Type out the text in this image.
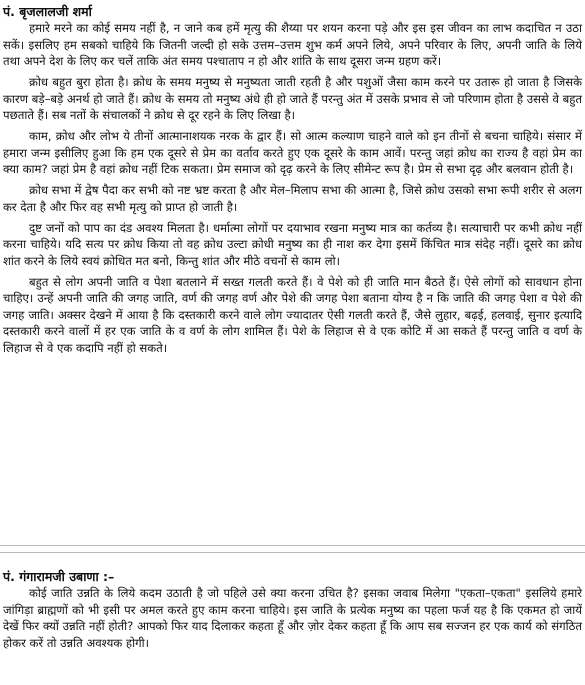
पं. बृजलालजी शर्मा

हमारे मरने का कोई समय नहीं है, न जाने कब हमें मृत्यु की शैय्या पर शयन करना पड़े और इस इस जीवन का लाभ कदाचित न उठा सकें। इसलिए हम सबको चाहिये कि जितनी जल्दी हो सके उत्तम–उत्तम शुभ कर्म अपने लिये, अपने परिवार के लिए, अपनी जाति के लिये तथा अपने देश के लिए कर चलें ताकि अंत समय पश्चाताप न हो और शांति के साथ दूसरा जन्म ग्रहण करें।

क्रोध बहुत बुरा होता है। क्रोध के समय मनुष्य से मनुष्यता जाती रहती है और पशुओं जैसा काम करने पर उतारू हो जाता है जिसके कारण बड़े–बड़े अनर्थ हो जाते हैं। क्रोध के समय तो मनुष्य अंधे ही हो जाते हैं परन्तु अंत में उसके प्रभाव से जो परिणाम होता है उससे वे बहुत पछताते हैं। सब नतों के संचालकों ने क्रोध से दूर रहने के लिए लिखा है।

काम, क्रोध और लोभ ये तीनों आत्मानाशयक नरक के द्वार हैं। सो आत्म कल्याण चाहने वाले को इन तीनों से बचना चाहिये। संसार में हमारा जन्म इसीलिए हुआ कि हम एक दूसरे से प्रेम का वर्ताव करते हुए एक दूसरे के काम आवें। परन्तु जहां क्रोध का राज्य है वहां प्रेम का क्या काम? जहां प्रेम है वहां क्रोध नहीं टिक सकता। प्रेम समाज को दृढ़ करने के लिए सीमेन्ट रूप है। प्रेम से सभा दृढ़ और बलवान होती है।

क्रोध सभा में द्वेष पैदा कर सभी को नष्ट भ्रष्ट करता है और मेल–मिलाप सभा की आत्मा है, जिसे क्रोध उसको सभा रूपी शरीर से अलग कर देता है और फिर वह सभी मृत्यु को प्राप्त हो जाती है।

दुष्ट जनों को पाप का दंड अवश्य मिलता है। धर्मात्मा लोगों पर दयाभाव रखना मनुष्य मात्र का कर्तव्य है। सत्याचारी पर कभी क्रोध नहीं करना चाहिये। यदि सत्य पर क्रोध किया तो वह क्रोध उल्टा क्रोधी मनुष्य का ही नाश कर देगा इसमें किंचित मात्र संदेह नहीं। दूसरे का क्रोध शांत करने के लिये स्वयं क्रोधित मत बनो, किन्तु शांत और मीठे वचनों से काम लो।

बहुत से लोग अपनी जाति व पेशा बतलाने में सख्त गलती करते हैं। वे पेशे को ही जाति मान बैठते हैं। ऐसे लोगों को सावधान होना चाहिए। उन्हें अपनी जाति की जगह जाति, वर्ण की जगह वर्ण और पेशे की जगह पेशा बताना योग्य है न कि जाति की जगह पेशा व पेशे की जगह जाति। अक्सर देखने में आया है कि दस्तकारी करने वाले लोग ज्यादातर ऐसी गलती करते हैं, जैसे लुहार, बढ़ई, हलवाई, सुनार इत्यादि दस्तकारी करने वालों में हर एक जाति के व वर्ण के लोग शामिल हैं। पेशे के लिहाज से वे एक कोटि में आ सकते हैं परन्तु जाति व वर्ण के लिहाज से वे एक कदापि नहीं हो सकते।

पं. गंगारामजी उबाणा :–

कोई जाति उन्नति के लिये कदम उठाती है जो पहिले उसे क्या करना उचित है? इसका जवाब मिलेगा "एकता–एकता" इसलिये हमारे जांगिड़ा ब्राह्मणों को भी इसी पर अमल करते हुए काम करना चाहिये। इस जाति के प्रत्येक मनुष्य का पहला फर्ज यह है कि एकमत हो जायें देखें फिर क्यों उन्नति नहीं होती? आपको फिर याद दिलाकर कहता हूँ और ज़ोर देकर कहता हूँ कि आप सब सज्जन हर एक कार्य को संगठित होकर करें तो उन्नति अवश्यक होगी।
